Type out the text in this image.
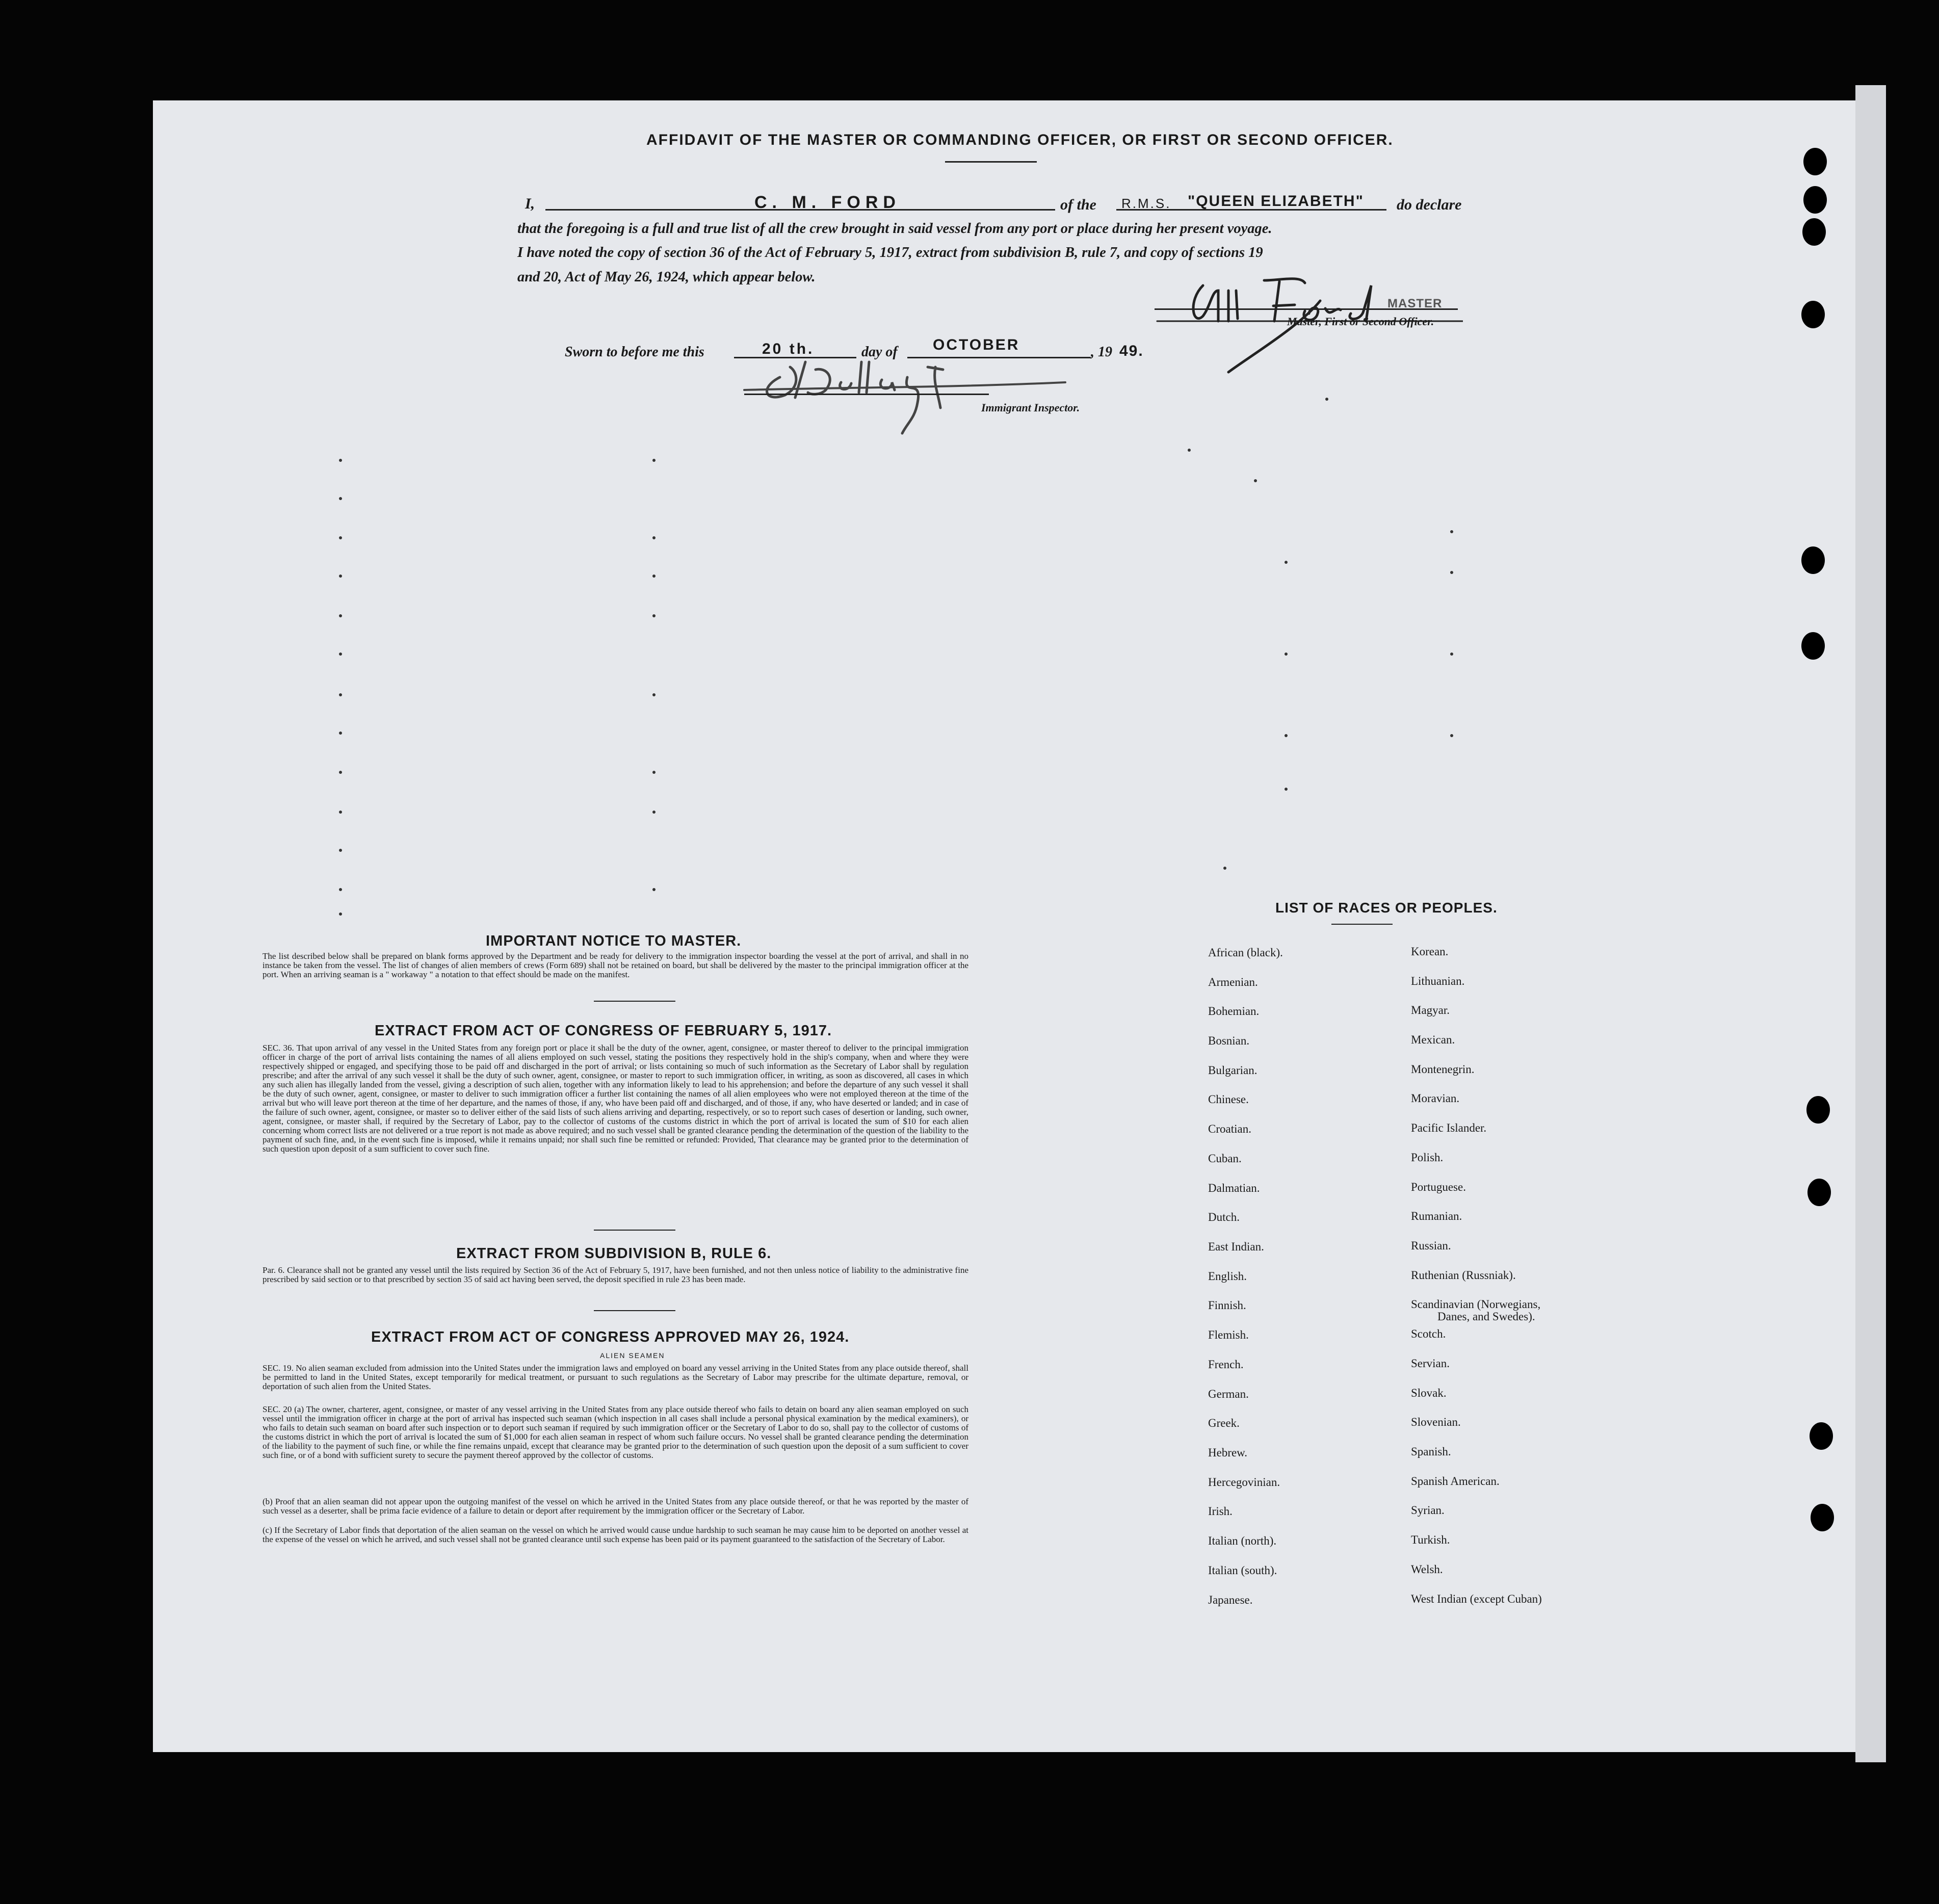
AFFIDAVIT OF THE MASTER OR COMMANDING OFFICER, OR FIRST OR SECOND OFFICER.
I,	C. M. FORD	of the R.M.S. "QUEEN ELIZABETH" do declare
that the foregoing is a full and true list of all the crew brought in said vessel from any port or place during her present voyage.
I have noted the copy of section 36 of the Act of February 5, 1917, extract from subdivision B, rule 7, and copy of sections 19
and 20, Act of May 26, 1924, which appear below.
MASTER
Master, First or Second Officer.
Sworn to before me this	20 th.	day of OCTOBER	, 19 49.
Immigrant Inspector.
IMPORTANT NOTICE TO MASTER.
The list described below shall be prepared on blank forms approved by the Department and be ready for delivery to the immigration inspector boarding the vessel at the port of arrival, and shall in no instance be taken from the vessel. The list of changes of alien members of crews (Form 689) shall not be retained on board, but shall be delivered by the master to the principal immigration officer at the port. When an arriving seaman is a " workaway " a notation to that effect should be made on the manifest.
EXTRACT FROM ACT OF CONGRESS OF FEBRUARY 5, 1917.
SEC. 36. That upon arrival of any vessel in the United States from any foreign port or place it shall be the duty of the owner, agent, consignee, or master thereof to deliver to the principal immigration officer in charge of the port of arrival lists containing the names of all aliens employed on such vessel, stating the positions they respectively hold in the ship's company, when and where they were respectively shipped or engaged, and specifying those to be paid off and discharged in the port of arrival; or lists containing so much of such information as the Secretary of Labor shall by regulation prescribe; and after the arrival of any such vessel it shall be the duty of such owner, agent, consignee, or master to report to such immigration officer, in writing, as soon as discovered, all cases in which any such alien has illegally landed from the vessel, giving a description of such alien, together with any information likely to lead to his apprehension; and before the departure of any such vessel it shall be the duty of such owner, agent, consignee, or master to deliver to such immigration officer a further list containing the names of all alien employees who were not employed thereon at the time of the arrival but who will leave port thereon at the time of her departure, and the names of those, if any, who have been paid off and discharged, and of those, if any, who have deserted or landed; and in case of the failure of such owner, agent, consignee, or master so to deliver either of the said lists of such aliens arriving and departing, respectively, or so to report such cases of desertion or landing, such owner, agent, consignee, or master shall, if required by the Secretary of Labor, pay to the collector of customs of the customs district in which the port of arrival is located the sum of $10 for each alien concerning whom correct lists are not delivered or a true report is not made as above required; and no such vessel shall be granted clearance pending the determination of the question of the liability to the payment of such fine, and, in the event such fine is imposed, while it remains unpaid; nor shall such fine be remitted or refunded: Provided, That clearance may be granted prior to the determination of such question upon deposit of a sum sufficient to cover such fine.
EXTRACT FROM SUBDIVISION B, RULE 6.
Par. 6. Clearance shall not be granted any vessel until the lists required by Section 36 of the Act of February 5, 1917, have been furnished, and not then unless notice of liability to the administrative fine prescribed by said section or to that prescribed by section 35 of said act having been served, the deposit specified in rule 23 has been made.
EXTRACT FROM ACT OF CONGRESS APPROVED MAY 26, 1924.
ALIEN SEAMEN
SEC. 19. No alien seaman excluded from admission into the United States under the immigration laws and employed on board any vessel arriving in the United States from any place outside thereof, shall be permitted to land in the United States, except temporarily for medical treatment, or pursuant to such regulations as the Secretary of Labor may prescribe for the ultimate departure, removal, or deportation of such alien from the United States.
SEC. 20 (a) The owner, charterer, agent, consignee, or master of any vessel arriving in the United States from any place outside thereof who fails to detain on board any alien seaman employed on such vessel until the immigration officer in charge at the port of arrival has inspected such seaman (which inspection in all cases shall include a personal physical examination by the medical examiners), or who fails to detain such seaman on board after such inspection or to deport such seaman if required by such immigration officer or the Secretary of Labor to do so, shall pay to the collector of customs of the customs district in which the port of arrival is located the sum of $1,000 for each alien seaman in respect of whom such failure occurs. No vessel shall be granted clearance pending the determination of the liability to the payment of such fine, or while the fine remains unpaid, except that clearance may be granted prior to the determination of such question upon the deposit of a sum sufficient to cover such fine, or of a bond with sufficient surety to secure the payment thereof approved by the collector of customs.
(b) Proof that an alien seaman did not appear upon the outgoing manifest of the vessel on which he arrived in the United States from any place outside thereof, or that he was reported by the master of such vessel as a deserter, shall be prima facie evidence of a failure to detain or deport after requirement by the immigration officer or the Secretary of Labor.
(c) If the Secretary of Labor finds that deportation of the alien seaman on the vessel on which he arrived would cause undue hardship to such seaman he may cause him to be deported on another vessel at the expense of the vessel on which he arrived, and such vessel shall not be granted clearance until such expense has been paid or its payment guaranteed to the satisfaction of the Secretary of Labor.
LIST OF RACES OR PEOPLES.
African (black).
Armenian.
Bohemian.
Bosnian.
Bulgarian.
Chinese.
Croatian.
Cuban.
Dalmatian.
Dutch.
East Indian.
English.
Finnish.
Flemish.
French.
German.
Greek.
Hebrew.
Hercegovinian.
Irish.
Italian (north).
Italian (south).
Japanese.
Korean.
Lithuanian.
Magyar.
Mexican.
Montenegrin.
Moravian.
Pacific Islander.
Polish.
Portuguese.
Rumanian.
Russian.
Ruthenian (Russniak).
Scandinavian (Norwegians,
Danes, and Swedes).
Scotch.
Servian.
Slovak.
Slovenian.
Spanish.
Spanish American.
Syrian.
Turkish.
Welsh.
West Indian (except Cuban)
